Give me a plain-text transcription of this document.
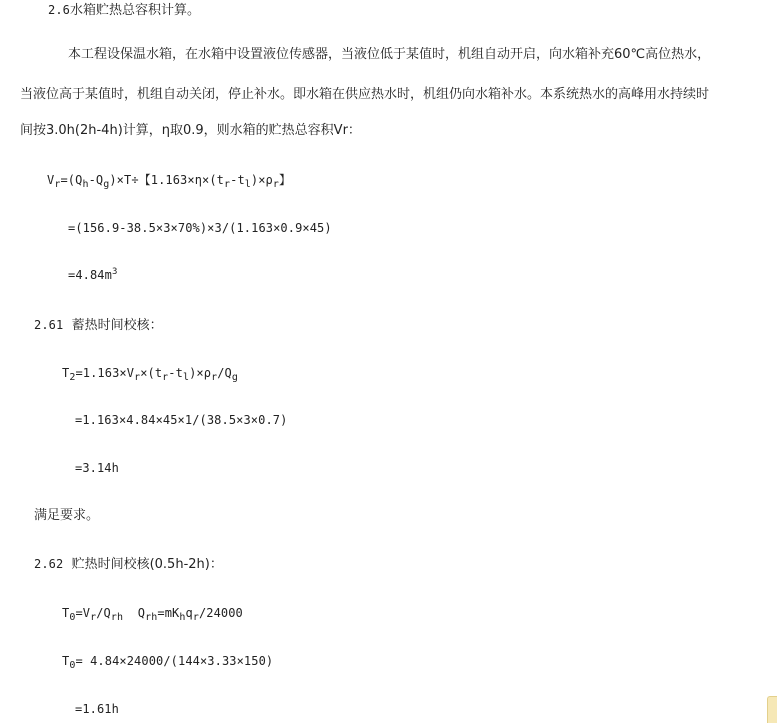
2.6水箱贮热总容积计算。
本工程设保温水箱，在水箱中设置液位传感器，当液位低于某值时，机组自动开启，向水箱补充60℃高位热水，
当液位高于某值时，机组自动关闭，停止补水。即水箱在供应热水时，机组仍向水箱补水。本系统热水的高峰用水持续时
间按3.0h(2h-4h)计算，η取0.9，则水箱的贮热总容积Vr：
$V_r=(Q_h-Q_g)\times T\div$【$1.163\times\eta\times(t_r-t_l)\times\rho_r$】
=(156.9-38.5×3×70%)×3/(1.163×0.9×45)
$=4.84m^3$
2.61 蓄热时间校核：
$T_2=1.163\times V_r\times(t_r-t_l)\times\rho_r/Q_g$
=1.163×4.84×45×1/(38.5×3×0.7)
=3.14h
满足要求。
2.62 贮热时间校核(0.5h-2h)：
$T_0=V_r/Q_{rh}$ $Q_{rh}=mK_hq_r/24000$
$T_0= 4.84\times 24000/(144\times 3.33\times 150)$
=1.61h
